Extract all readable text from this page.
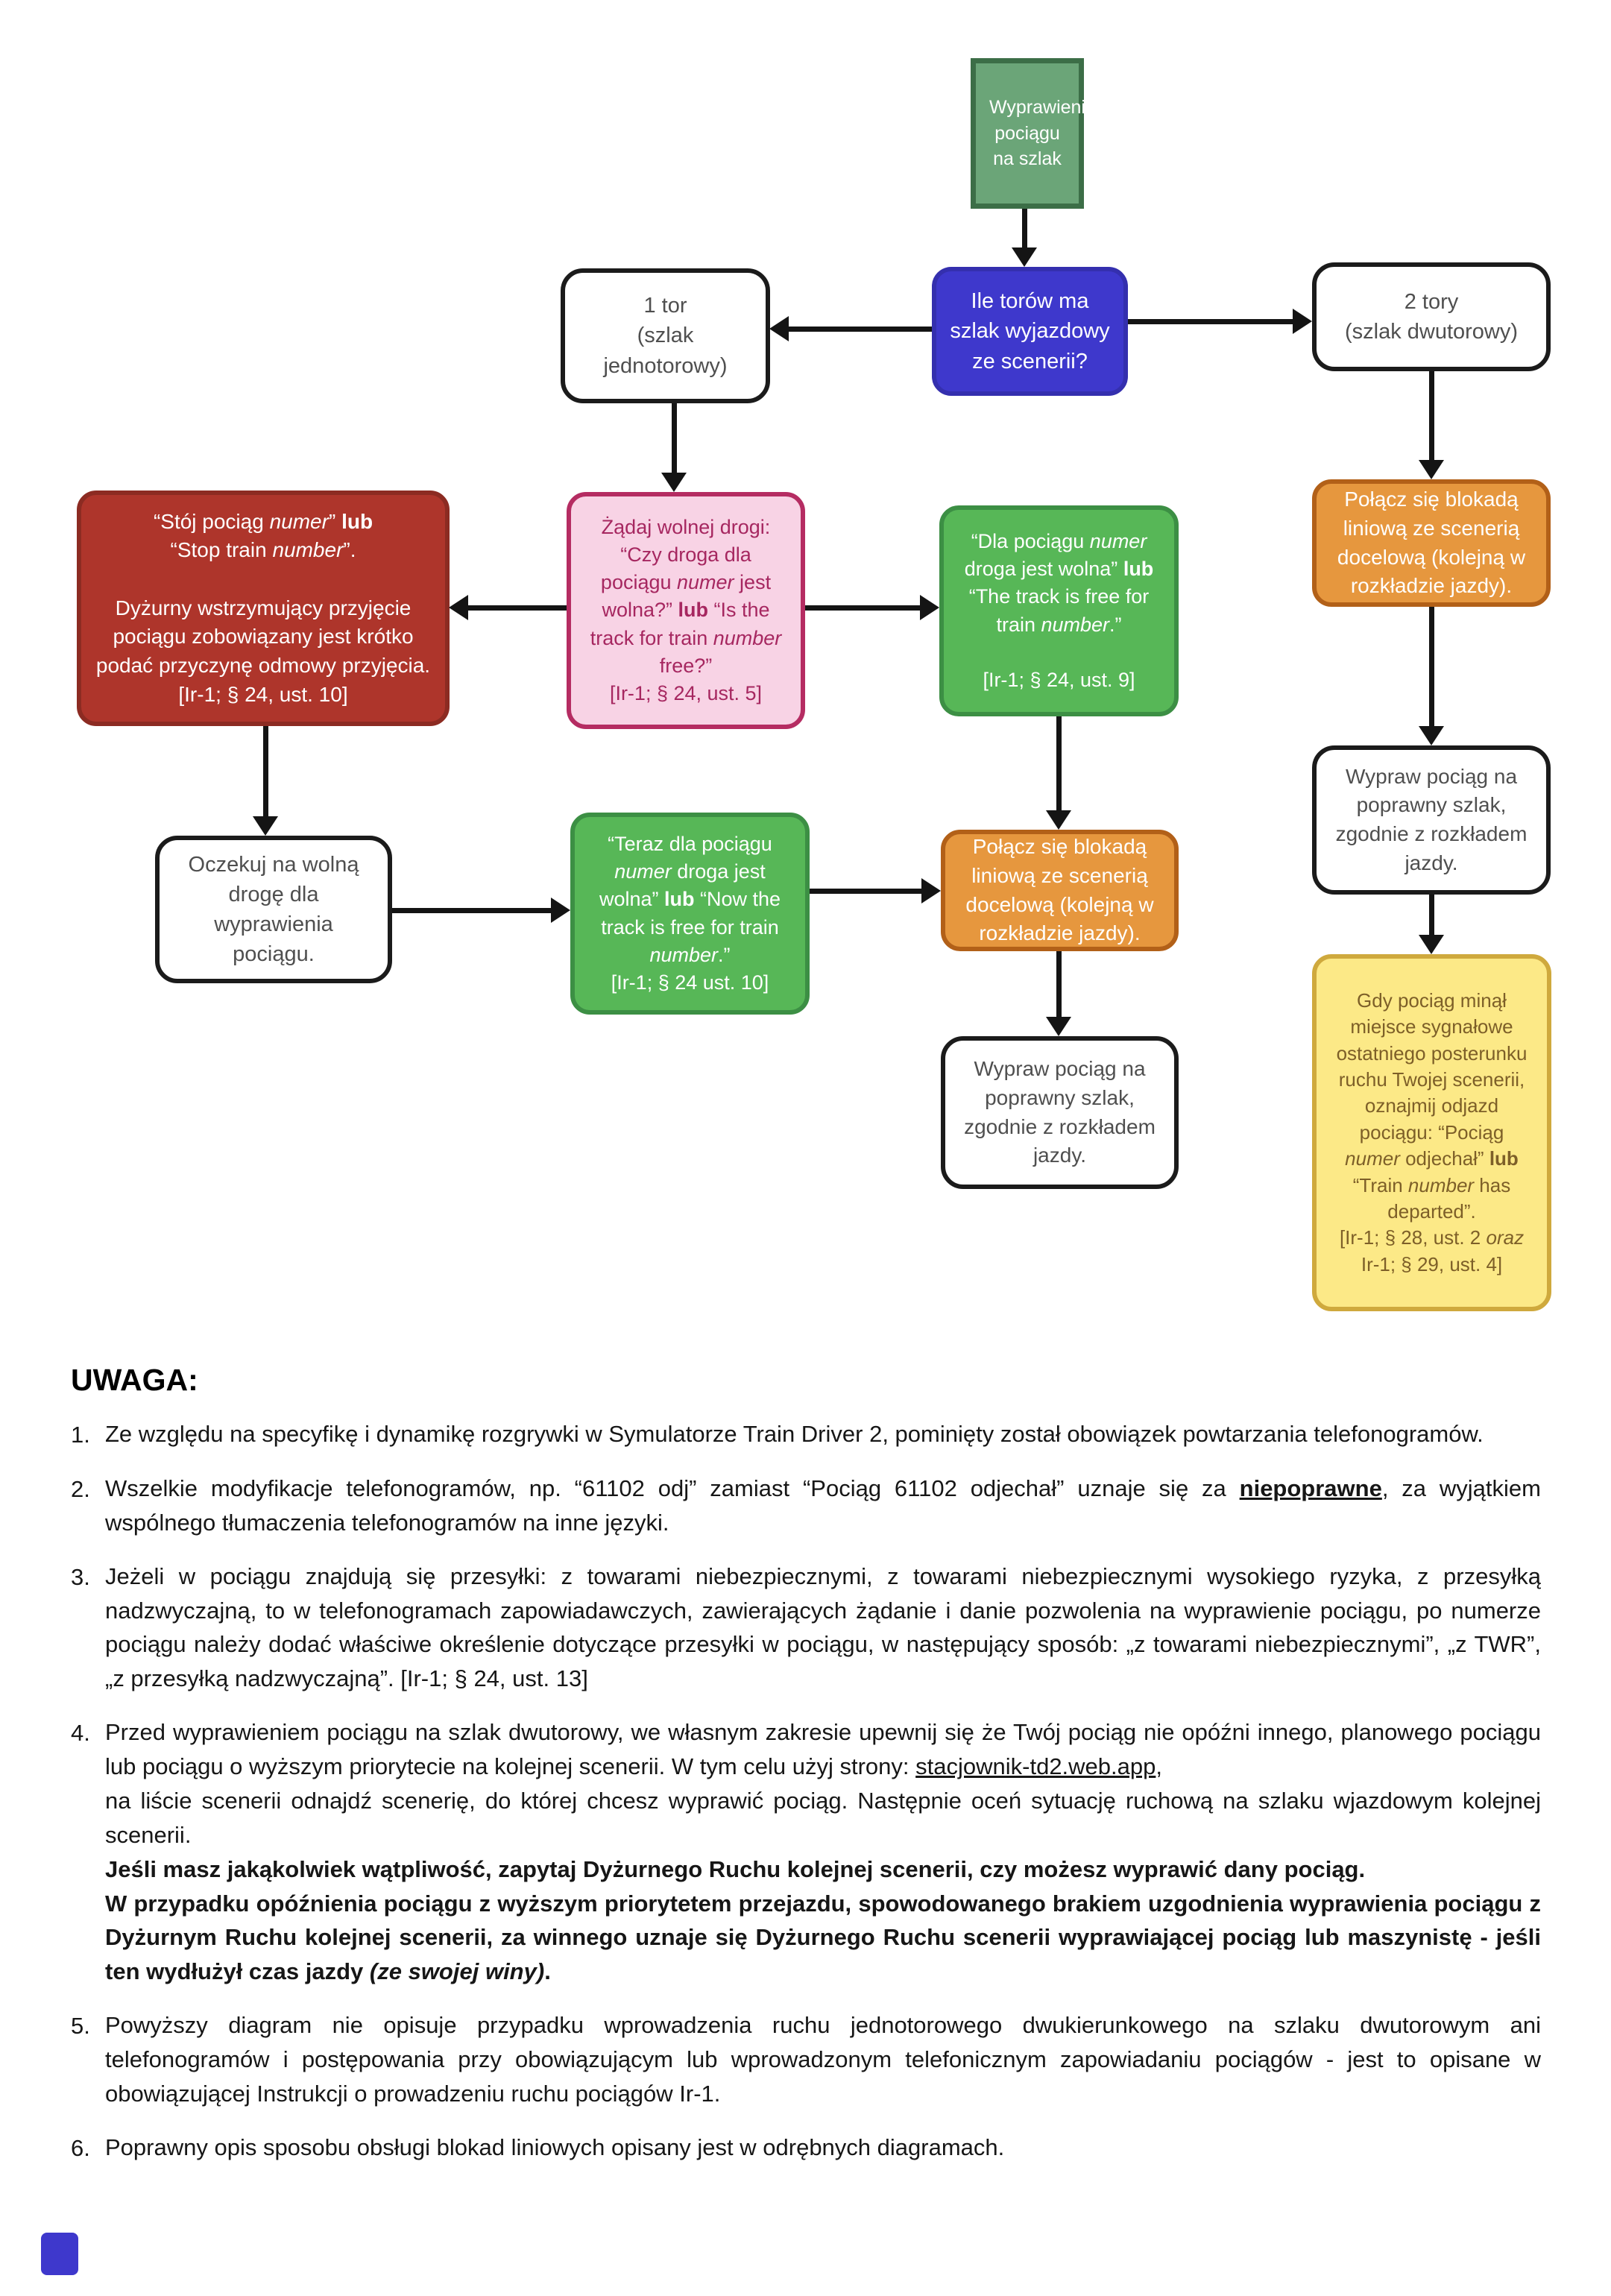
Wyprawienie pociągu na szlak
Ile torów ma szlak wyjazdowy ze scenerii?
1 tor
(szlak jednotorowy)
2 tory
(szlak dwutorowy)
Żądaj wolnej drogi:
“Czy droga dla pociągu numer jest wolna?” lub “Is the track for train number free?”
[Ir-1; § 24, ust. 5]
“Stój pociąg numer” lub
“Stop train number”.

Dyżurny wstrzymujący przyjęcie pociągu zobowiązany jest krótko podać przyczynę odmowy przyjęcia.
[Ir-1; § 24, ust. 10]
“Dla pociągu numer droga jest wolna” lub “The track is free for train number.”

[Ir-1; § 24, ust. 9]
Połącz się blokadą liniową ze scenerią docelową (kolejną w rozkładzie jazdy).
Wypraw pociąg na poprawny szlak, zgodnie z rozkładem jazdy.
Gdy pociąg minął miejsce sygnałowe ostatniego posterunku ruchu Twojej scenerii, oznajmij odjazd pociągu: “Pociąg numer odjechał” lub “Train number has departed”.
[Ir-1; § 28, ust. 2 oraz
Ir-1; § 29, ust. 4]
Oczekuj na wolną drogę dla wyprawienia pociągu.
“Teraz dla pociągu numer droga jest wolna” lub “Now the track is free for train number.”
[Ir-1; § 24 ust. 10]
Połącz się blokadą liniową ze scenerią docelową (kolejną w rozkładzie jazdy).
Wypraw pociąg na poprawny szlak, zgodnie z rozkładem jazdy.
UWAGA:
1. Ze względu na specyfikę i dynamikę rozgrywki w Symulatorze Train Driver 2, pominięty został obowiązek powtarzania telefonogramów.
2. Wszelkie modyfikacje telefonogramów, np. “61102 odj” zamiast “Pociąg 61102 odjechał” uznaje się za niepoprawne, za wyjątkiem wspólnego tłumaczenia telefonogramów na inne języki.
3. Jeżeli w pociągu znajdują się przesyłki: z towarami niebezpiecznymi, z towarami niebezpiecznymi wysokiego ryzyka, z przesyłką nadzwyczajną, to w telefonogramach zapowiadawczych, zawierających żądanie i danie pozwolenia na wyprawienie pociągu, po numerze pociągu należy dodać właściwe określenie dotyczące przesyłki w pociągu, w następujący sposób: „z towarami niebezpiecznymi”, „z TWR”, „z przesyłką nadzwyczajną”. [Ir-1; § 24, ust. 13]
4. Przed wyprawieniem pociągu na szlak dwutorowy, we własnym zakresie upewnij się że Twój pociąg nie opóźni innego, planowego pociągu lub pociągu o wyższym priorytecie na kolejnej scenerii. W tym celu użyj strony: stacjownik-td2.web.app,
na liście scenerii odnajdź scenerię, do której chcesz wyprawić pociąg. Następnie oceń sytuację ruchową na szlaku wjazdowym kolejnej scenerii.
Jeśli masz jakąkolwiek wątpliwość, zapytaj Dyżurnego Ruchu kolejnej scenerii, czy możesz wyprawić dany pociąg.
W przypadku opóźnienia pociągu z wyższym priorytetem przejazdu, spowodowanego brakiem uzgodnienia wyprawienia pociągu z Dyżurnym Ruchu kolejnej scenerii, za winnego uznaje się Dyżurnego Ruchu scenerii wyprawiającej pociąg lub maszynistę - jeśli ten wydłużył czas jazdy (ze swojej winy).
5. Powyższy diagram nie opisuje przypadku wprowadzenia ruchu jednotorowego dwukierunkowego na szlaku dwutorowym ani telefonogramów i postępowania przy obowiązującym lub wprowadzonym telefonicznym zapowiadaniu pociągów - jest to opisane w obowiązującej Instrukcji o prowadzeniu ruchu pociągów Ir-1.
6. Poprawny opis sposobu obsługi blokad liniowych opisany jest w odrębnych diagramach.
